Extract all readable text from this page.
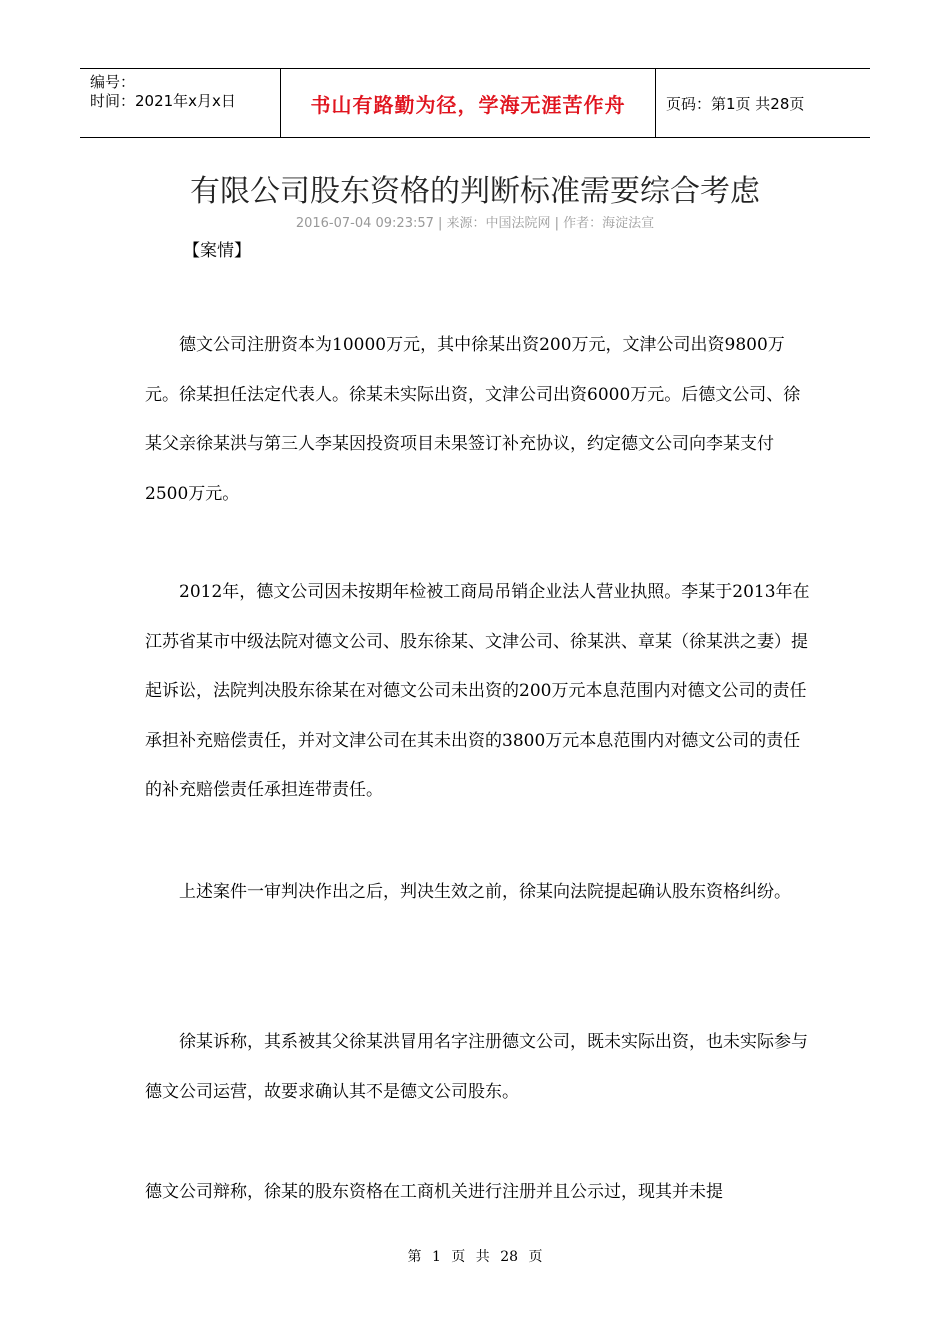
编号：
时间：2021年x月x日	书山有路勤为径，学海无涯苦作舟	页码：第1页 共28页
有限公司股东资格的判断标准需要综合考虑
2016-07-04 09:23:57 | 来源：中国法院网 | 作者：海淀法宣
【案情】

德文公司注册资本为10000万元，其中徐某出资200万元，文津公司出资9800万元。徐某担任法定代表人。徐某未实际出资，文津公司出资6000万元。后德文公司、徐某父亲徐某洪与第三人李某因投资项目未果签订补充协议，约定德文公司向李某支付2500万元。

2012年，德文公司因未按期年检被工商局吊销企业法人营业执照。李某于2013年在江苏省某市中级法院对德文公司、股东徐某、文津公司、徐某洪、章某（徐某洪之妻）提起诉讼，法院判决股东徐某在对德文公司未出资的200万元本息范围内对德文公司的责任承担补充赔偿责任，并对文津公司在其未出资的3800万元本息范围内对德文公司的责任的补充赔偿责任承担连带责任。

上述案件一审判决作出之后，判决生效之前，徐某向法院提起确认股东资格纠纷。

徐某诉称，其系被其父徐某洪冒用名字注册德文公司，既未实际出资，也未实际参与德文公司运营，故要求确认其不是德文公司股东。

德文公司辩称，徐某的股东资格在工商机关进行注册并且公示过，现其并未提

第 1 页 共 28 页
